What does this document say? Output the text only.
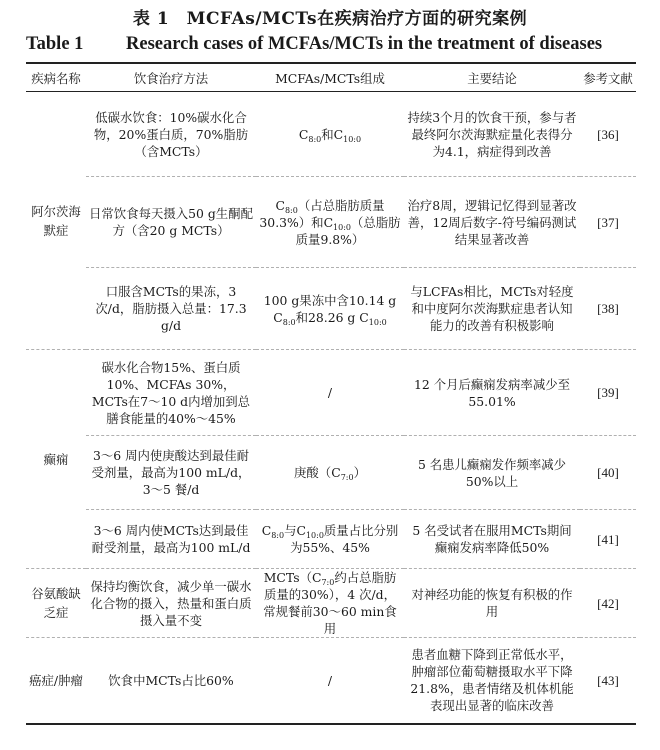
表 1　MCFAs/MCTs在疾病治疗方面的研究案例
Table 1 Research cases of MCFAs/MCTs in the treatment of diseases
疾病名称	饮食治疗方法	MCFAs/MCTs组成	主要结论	参考文献
阿尔茨海默症	低碳水饮食：10%碳水化合物，20%蛋白质，70%脂肪（含MCTs）	$C_{8:0}$和$C_{10:0}$	持续3个月的饮食干预，参与者最终阿尔茨海默症量化表得分为4.1，病症得到改善	[36]
	日常饮食每天摄入50 g生酮配方（含20 g MCTs）	$C_{8:0}$（占总脂肪质量30.3%）和$C_{10:0}$（总脂肪质量9.8%）	治疗8周，逻辑记忆得到显著改善，12周后数字-符号编码测试结果显著改善	[37]
	口服含MCTs的果冻，3 次/d，脂肪摄入总量：17.3 g/d	100 g果冻中含10.14 g $C_{8:0}$和28.26 g $C_{10:0}$	与LCFAs相比，MCTs对轻度和中度阿尔茨海默症患者认知能力的改善有积极影响	[38]
癫痫	碳水化合物15%、蛋白质10%、MCFAs 30%，MCTs在7～10 d内增加到总膳食能量的40%～45%	/	12 个月后癫痫发病率减少至55.01%	[39]
	3～6 周内使庚酸达到最佳耐受剂量，最高为100 mL/d，3～5 餐/d	庚酸$(C_{7:0})$	5 名患儿癫痫发作频率减少50%以上	[40]
	3～6 周内使MCTs达到最佳耐受剂量，最高为100 mL/d	$C_{8:0}$与$C_{10:0}$质量占比分别为55%、45%	5 名受试者在服用MCTs期间癫痫发病率降低50%	[41]
谷氨酸缺乏症	保持均衡饮食，减少单一碳水化合物的摄入，热量和蛋白质摄入量不变	$MCTs(C_{7:0}$约占总脂肪质量的30%），4 次/d，常规餐前30～60 min食用	对神经功能的恢复有积极的作用	[42]
癌症/肿瘤	饮食中MCTs占比60%	/	患者血糖下降到正常低水平，肿瘤部位葡萄糖摄取水平下降21.8%，患者情绪及机体机能表现出显著的临床改善	[43]
